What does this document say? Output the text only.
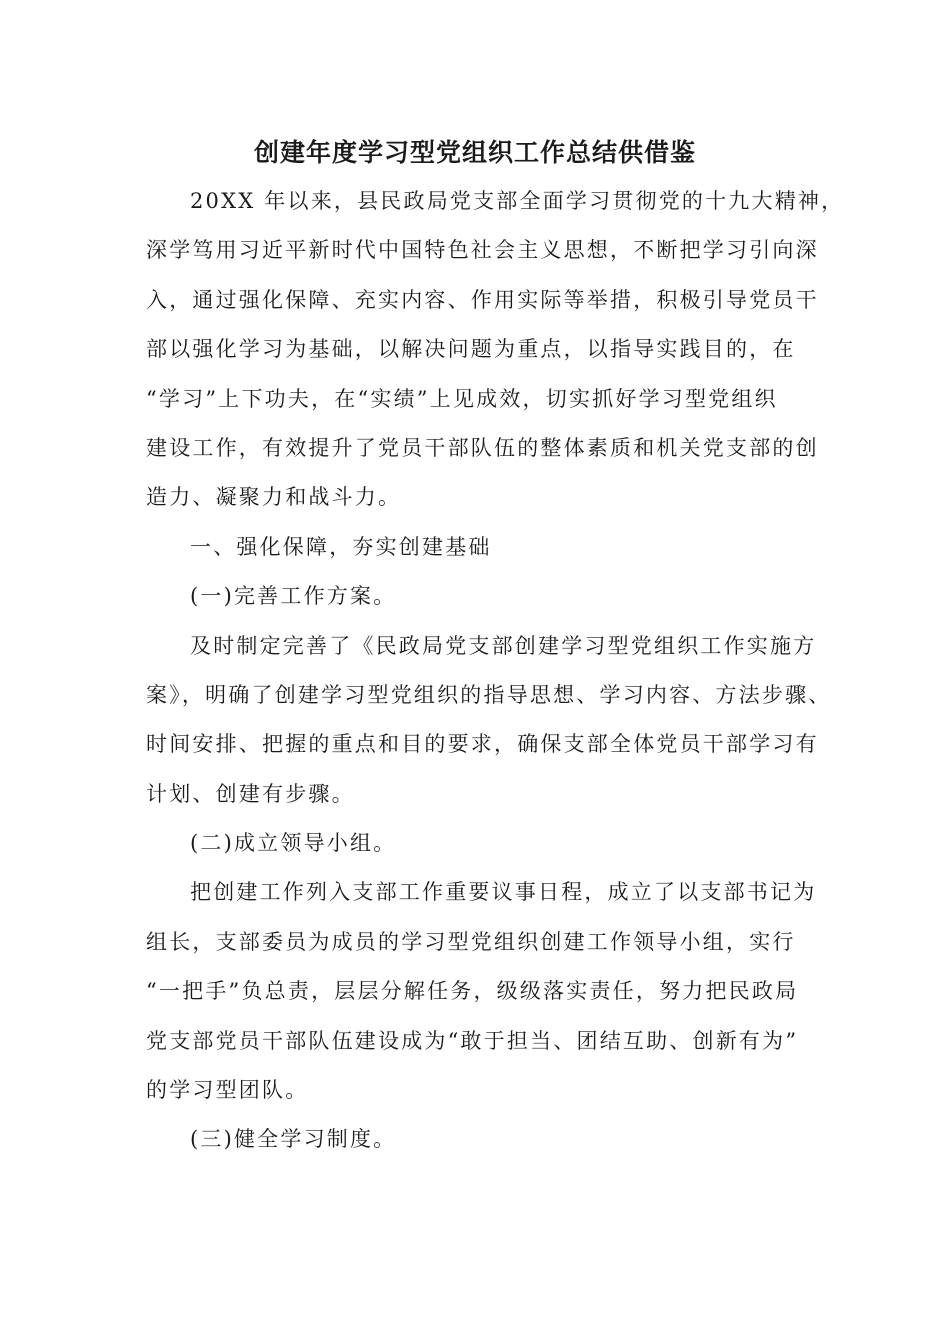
创建年度学习型党组织工作总结供借鉴
20XX 年以来，县民政局党支部全面学习贯彻党的十九大精神，
深学笃用习近平新时代中国特色社会主义思想，不断把学习引向深
入，通过强化保障、充实内容、作用实际等举措，积极引导党员干
部以强化学习为基础，以解决问题为重点，以指导实践目的，在
“学习”上下功夫，在“实绩”上见成效，切实抓好学习型党组织
建设工作，有效提升了党员干部队伍的整体素质和机关党支部的创
造力、凝聚力和战斗力。
一、强化保障，夯实创建基础
(一)完善工作方案。
及时制定完善了《民政局党支部创建学习型党组织工作实施方
案》，明确了创建学习型党组织的指导思想、学习内容、方法步骤、
时间安排、把握的重点和目的要求，确保支部全体党员干部学习有
计划、创建有步骤。
(二)成立领导小组。
把创建工作列入支部工作重要议事日程，成立了以支部书记为
组长，支部委员为成员的学习型党组织创建工作领导小组，实行
“一把手”负总责，层层分解任务，级级落实责任，努力把民政局
党支部党员干部队伍建设成为“敢于担当、团结互助、创新有为”
的学习型团队。
(三)健全学习制度。
